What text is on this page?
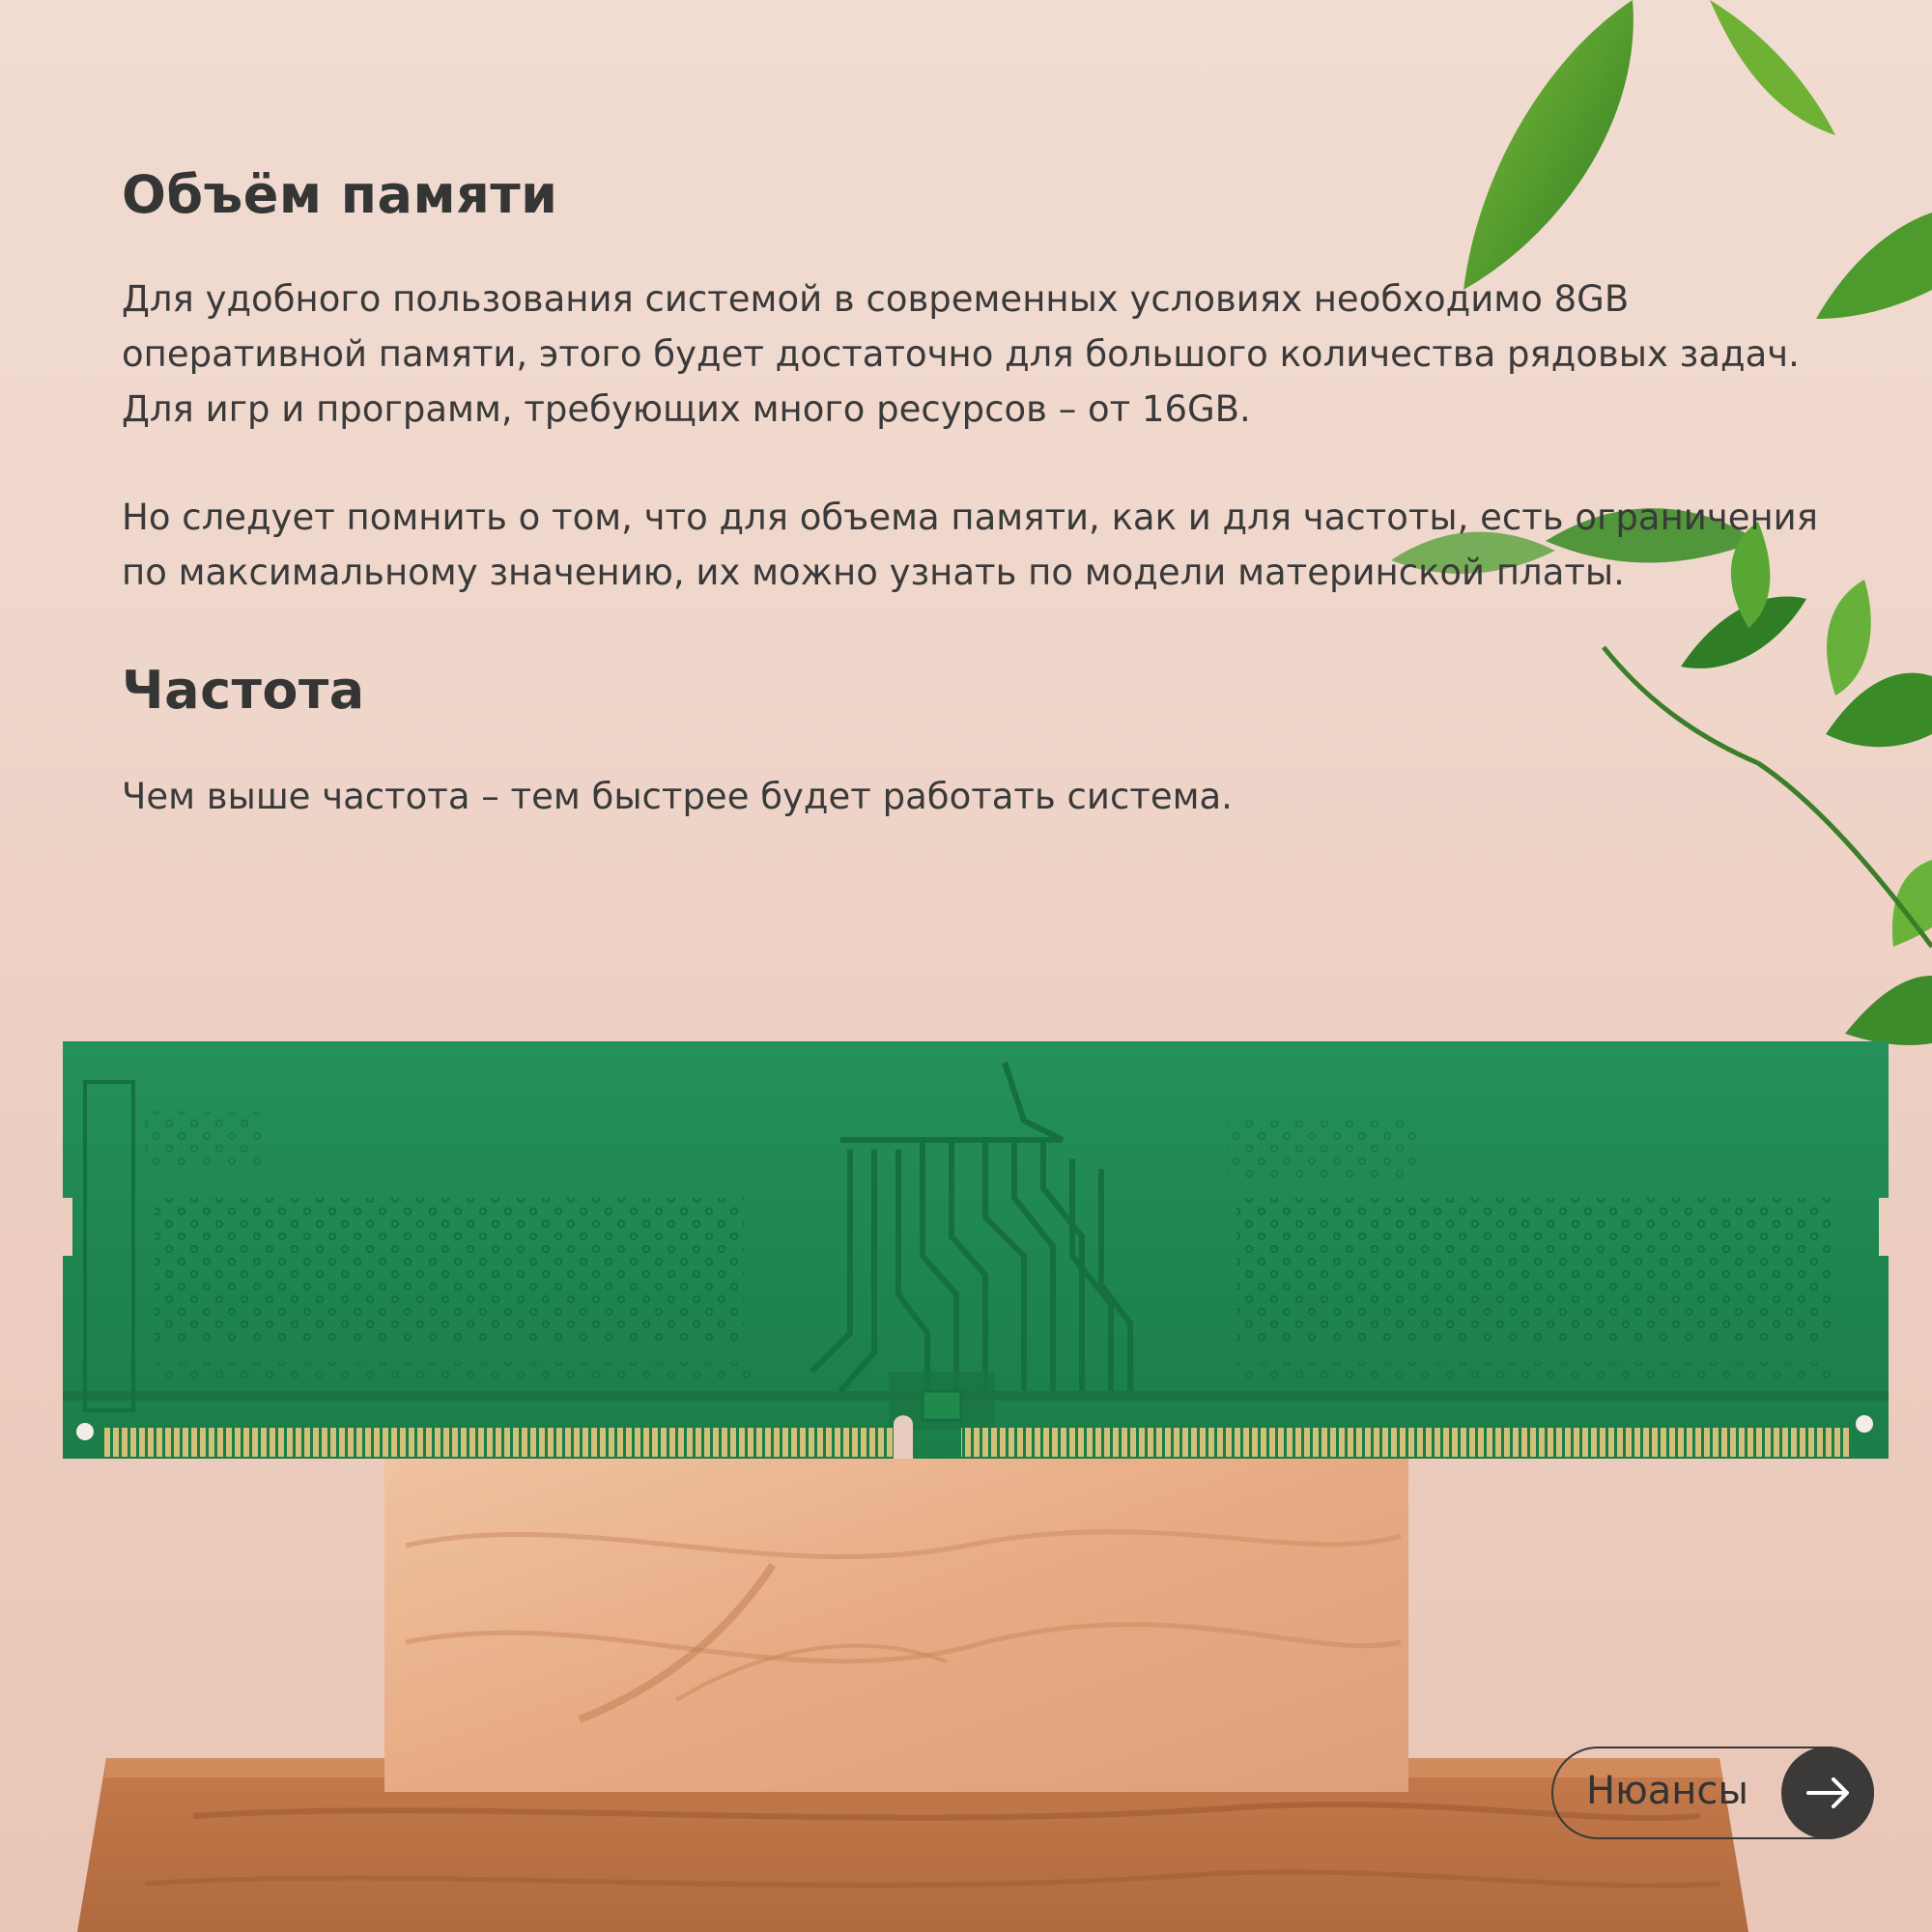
Объём памяти

Для удобного пользования системой в современных условиях необходимо 8GB оперативной памяти, этого будет достаточно для большого количества рядовых задач. Для игр и программ, требующих много ресурсов – от 16GB.

Но следует помнить о том, что для объема памяти, как и для частоты, есть ограничения по максимальному значению, их можно узнать по модели материнской платы.

Частота

Чем выше частота – тем быстрее будет работать система.

Нюансы
